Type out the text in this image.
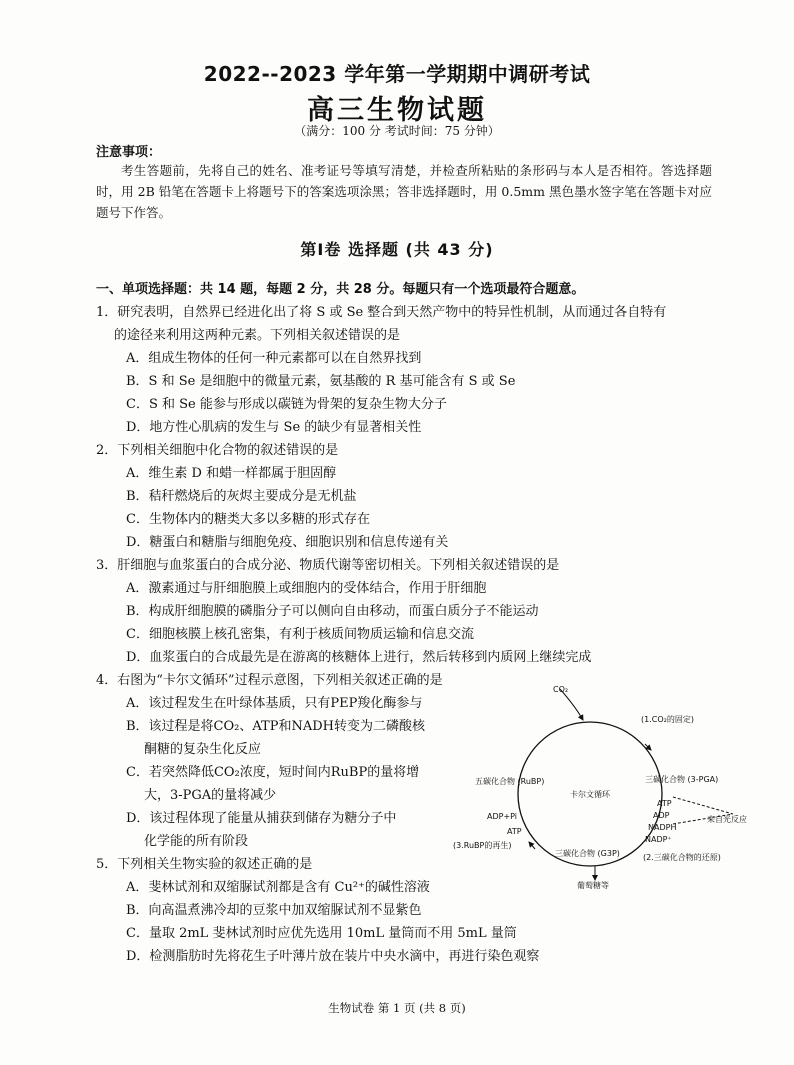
2022--2023 学年第一学期期中调研考试
高三生物试题
（满分：100 分 考试时间：75 分钟）
注意事项：
考生答题前，先将自己的姓名、准考证号等填写清楚，并检查所粘贴的条形码与本人是否相符。答选择题时，用 2B 铅笔在答题卡上将题号下的答案选项涂黑；答非选择题时，用 0.5mm 黑色墨水签字笔在答题卡对应题号下作答。
第Ⅰ卷 选择题 (共 43 分)
一、单项选择题：共 14 题，每题 2 分，共 28 分。每题只有一个选项最符合题意。
1．研究表明，自然界已经进化出了将 S 或 Se 整合到天然产物中的特异性机制，从而通过各自特有
的途径来利用这两种元素。下列相关叙述错误的是
A．组成生物体的任何一种元素都可以在自然界找到
B．S 和 Se 是细胞中的微量元素，氨基酸的 R 基可能含有 S 或 Se
C．S 和 Se 能参与形成以碳链为骨架的复杂生物大分子
D．地方性心肌病的发生与 Se 的缺少有显著相关性
2．下列相关细胞中化合物的叙述错误的是
A．维生素 D 和蜡一样都属于胆固醇
B．秸秆燃烧后的灰烬主要成分是无机盐
C．生物体内的糖类大多以多糖的形式存在
D．糖蛋白和糖脂与细胞免疫、细胞识别和信息传递有关
3．肝细胞与血浆蛋白的合成分泌、物质代谢等密切相关。下列相关叙述错误的是
A．激素通过与肝细胞膜上或细胞内的受体结合，作用于肝细胞
B．构成肝细胞膜的磷脂分子可以侧向自由移动，而蛋白质分子不能运动
C．细胞核膜上核孔密集，有利于核质间物质运输和信息交流
D．血浆蛋白的合成最先是在游离的核糖体上进行，然后转移到内质网上继续完成
4．右图为“卡尔文循环”过程示意图，下列相关叙述正确的是
A．该过程发生在叶绿体基质，只有PEP羧化酶参与
B．该过程是将CO₂、ATP和NADH转变为二磷酸核
酮糖的复杂生化反应
C．若突然降低CO₂浓度，短时间内RuBP的量将增
大，3-PGA的量将减少
D．该过程体现了能量从捕获到储存为糖分子中
化学能的所有阶段
CO₂
(1.CO₂的固定)
五碳化合物 (RuBP)
卡尔文循环
三碳化合物 (3-PGA)
ATP
ADP
NADPH
NADP⁺
来自光反应
ADP+Pi
ATP
(3.RuBP的再生)
三碳化合物 (G3P)	(2.三碳化合物的还原)
葡萄糖等
5．下列相关生物实验的叙述正确的是
A．斐林试剂和双缩脲试剂都是含有 Cu²⁺的碱性溶液
B．向高温煮沸冷却的豆浆中加双缩脲试剂不显紫色
C．量取 2mL 斐林试剂时应优先选用 10mL 量筒而不用 5mL 量筒
D．检测脂肪时先将花生子叶薄片放在装片中央水滴中，再进行染色观察
生物试卷 第 1 页 (共 8 页)
